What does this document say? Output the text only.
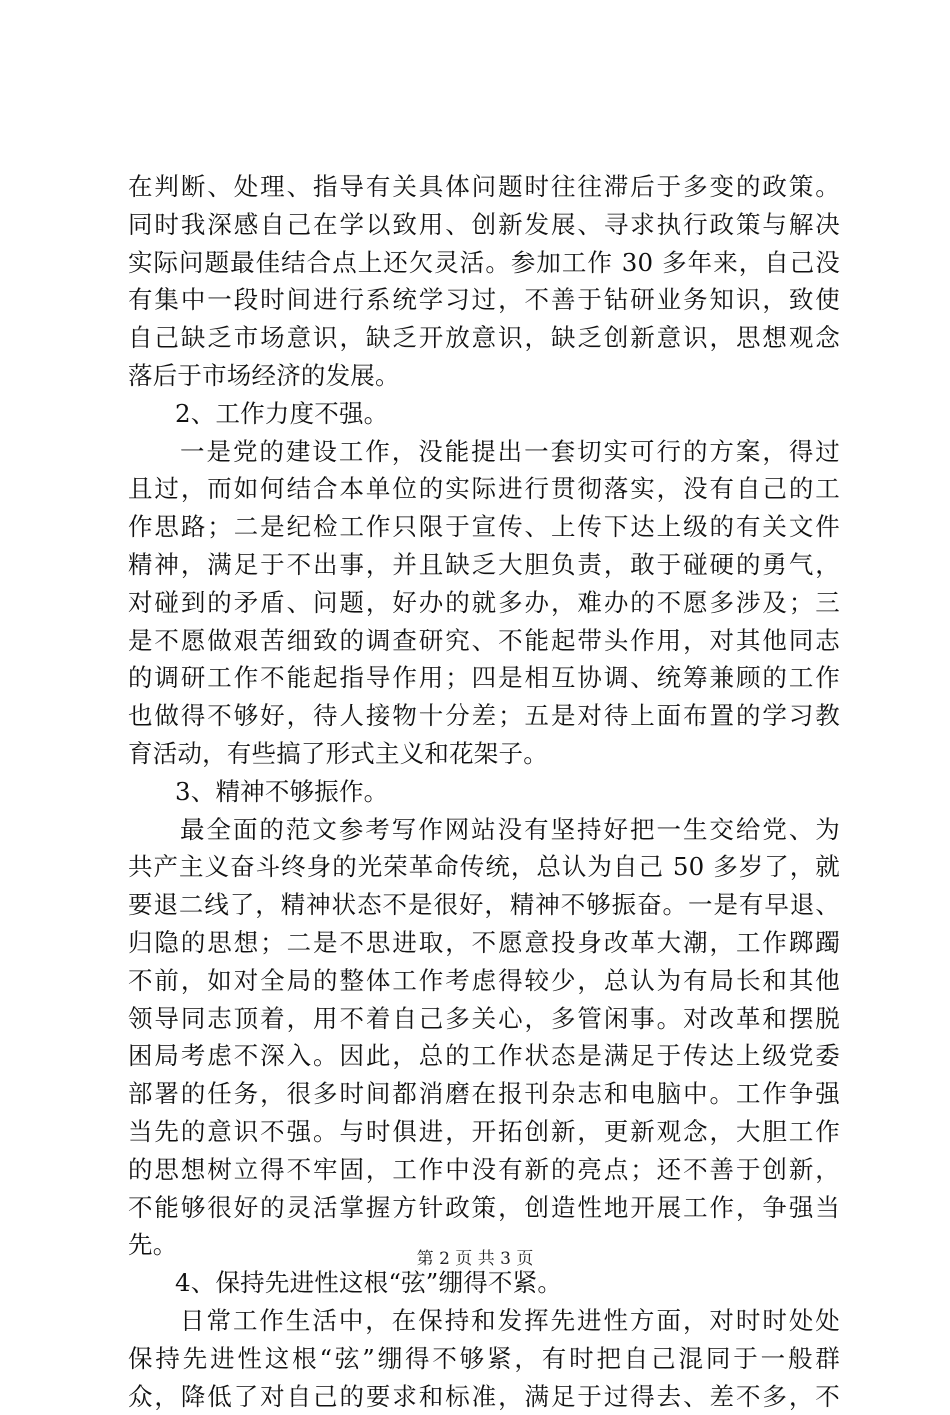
在判断、处理、指导有关具体问题时往往滞后于多变的政策。
同时我深感自己在学以致用、创新发展、寻求执行政策与解决
实际问题最佳结合点上还欠灵活。参加工作 30 多年来，自己没
有集中一段时间进行系统学习过，不善于钻研业务知识，致使
自己缺乏市场意识，缺乏开放意识，缺乏创新意识，思想观念
落后于市场经济的发展。
2、工作力度不强。
一是党的建设工作，没能提出一套切实可行的方案，得过
且过，而如何结合本单位的实际进行贯彻落实，没有自己的工
作思路；二是纪检工作只限于宣传、上传下达上级的有关文件
精神，满足于不出事，并且缺乏大胆负责，敢于碰硬的勇气，
对碰到的矛盾、问题，好办的就多办，难办的不愿多涉及；三
是不愿做艰苦细致的调查研究、不能起带头作用，对其他同志
的调研工作不能起指导作用；四是相互协调、统筹兼顾的工作
也做得不够好，待人接物十分差；五是对待上面布置的学习教
育活动，有些搞了形式主义和花架子。
3、精神不够振作。
最全面的范文参考写作网站没有坚持好把一生交给党、为
共产主义奋斗终身的光荣革命传统，总认为自己 50 多岁了，就
要退二线了，精神状态不是很好，精神不够振奋。一是有早退、
归隐的思想；二是不思进取，不愿意投身改革大潮，工作踯躅
不前，如对全局的整体工作考虑得较少，总认为有局长和其他
领导同志顶着，用不着自己多关心，多管闲事。对改革和摆脱
困局考虑不深入。因此，总的工作状态是满足于传达上级党委
部署的任务，很多时间都消磨在报刊杂志和电脑中。工作争强
当先的意识不强。与时俱进，开拓创新，更新观念，大胆工作
的思想树立得不牢固，工作中没有新的亮点；还不善于创新，
不能够很好的灵活掌握方针政策，创造性地开展工作，争强当
先。
4、保持先进性这根“弦”绷得不紧。
日常工作生活中，在保持和发挥先进性方面，对时时处处
保持先进性这根“弦”绷得不够紧，有时把自己混同于一般群
众，降低了对自己的要求和标准，满足于过得去、差不多，不
第 2 页 共 3 页
